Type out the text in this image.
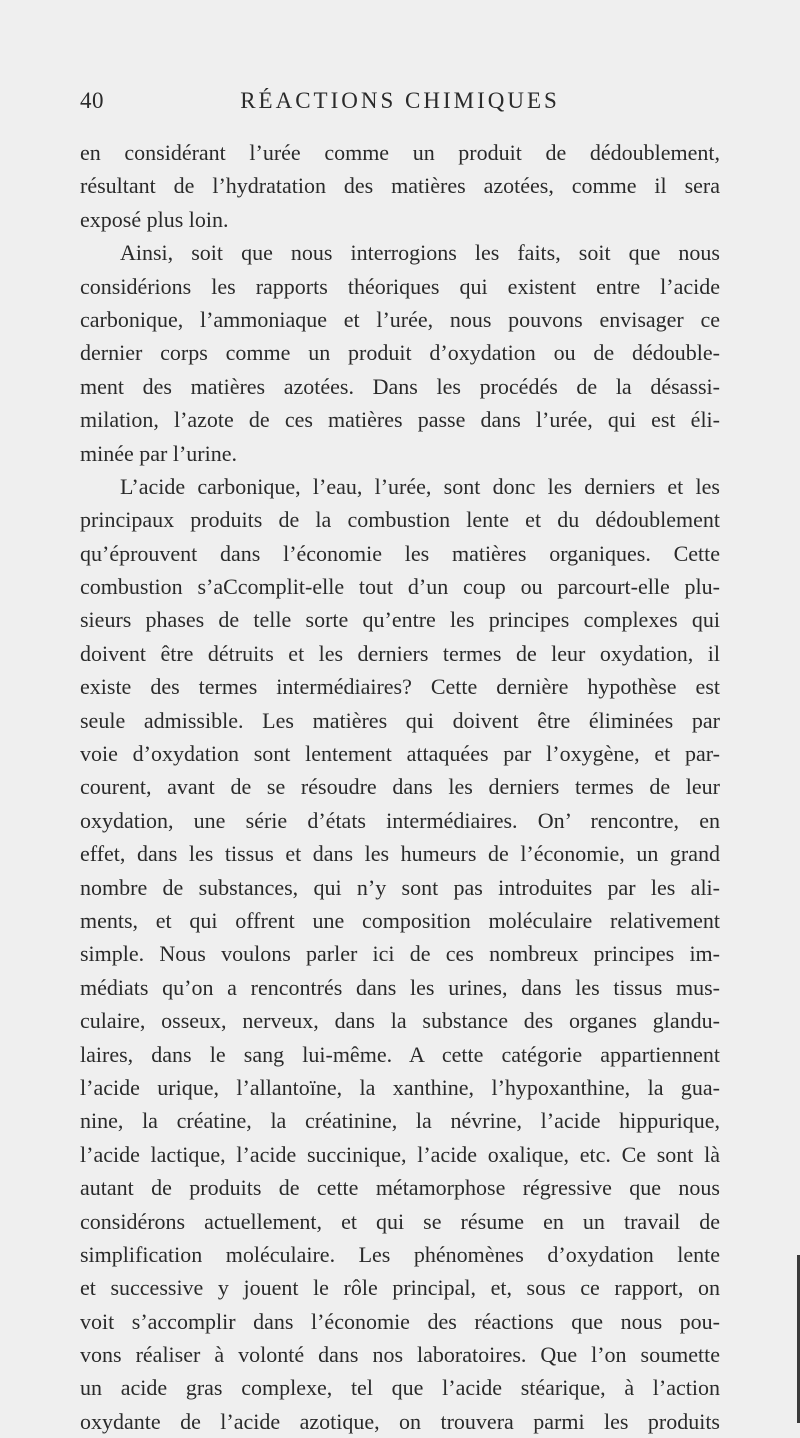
40	RÉACTIONS CHIMIQUES
en considérant l’urée comme un produit de dédoublement,
résultant de l’hydratation des matières azotées, comme il sera
exposé plus loin.
Ainsi, soit que nous interrogions les faits, soit que nous
considérions les rapports théoriques qui existent entre l’acide
carbonique, l’ammoniaque et l’urée, nous pouvons envisager ce
dernier corps comme un produit d’oxydation ou de dédouble-
ment des matières azotées. Dans les procédés de la désassi-
milation, l’azote de ces matières passe dans l’urée, qui est éli-
minée par l’urine.
L’acide carbonique, l’eau, l’urée, sont donc les derniers et les
principaux produits de la combustion lente et du dédoublement
qu’éprouvent dans l’économie les matières organiques. Cette
combustion s’aCcomplit-elle tout d’un coup ou parcourt-elle plu-
sieurs phases de telle sorte qu’entre les principes complexes qui
doivent être détruits et les derniers termes de leur oxydation, il
existe des termes intermédiaires? Cette dernière hypothèse est
seule admissible. Les matières qui doivent être éliminées par
voie d’oxydation sont lentement attaquées par l’oxygène, et par-
courent, avant de se résoudre dans les derniers termes de leur
oxydation, une série d’états intermédiaires. On’ rencontre, en
effet, dans les tissus et dans les humeurs de l’économie, un grand
nombre de substances, qui n’y sont pas introduites par les ali-
ments, et qui offrent une composition moléculaire relativement
simple. Nous voulons parler ici de ces nombreux principes im-
médiats qu’on a rencontrés dans les urines, dans les tissus mus-
culaire, osseux, nerveux, dans la substance des organes glandu-
laires, dans le sang lui-même. A cette catégorie appartiennent
l’acide urique, l’allantoïne, la xanthine, l’hypoxanthine, la gua-
nine, la créatine, la créatinine, la névrine, l’acide hippurique,
l’acide lactique, l’acide succinique, l’acide oxalique, etc. Ce sont là
autant de produits de cette métamorphose régressive que nous
considérons actuellement, et qui se résume en un travail de
simplification moléculaire. Les phénomènes d’oxydation lente
et successive y jouent le rôle principal, et, sous ce rapport, on
voit s’accomplir dans l’économie des réactions que nous pou-
vons réaliser à volonté dans nos laboratoires. Que l’on soumette
un acide gras complexe, tel que l’acide stéarique, à l’action
oxydante de l’acide azotique, on trouvera parmi les produits
